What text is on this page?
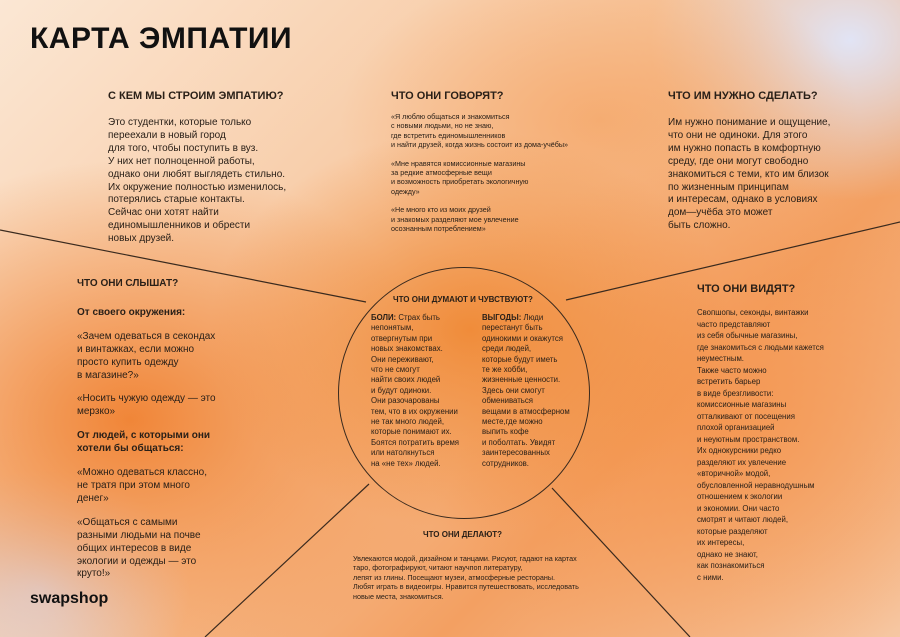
КАРТА ЭМПАТИИ

С КЕМ МЫ СТРОИМ ЭМПАТИЮ?

Это студентки, которые только
переехали в новый город
для того, чтобы поступить в вуз.
У них нет полноценной работы,
однако они любят выглядеть стильно.
Их окружение полностью изменилось,
потерялись старые контакты.
Сейчас они хотят найти
единомышленников и обрести
новых друзей.

ЧТО ОНИ ГОВОРЯТ?

«Я люблю общаться и знакомиться
с новыми людьми, но не знаю,
где встретить единомышленников
и найти друзей, когда жизнь состоит из дома-учёбы»

«Мне нравятся комиссионные магазины
за редкие атмосферные вещи
и возможность приобретать экологичную
одежду»

«Не много кто из моих друзей
и знакомых разделяют мое увлечение
осознанным потреблением»

ЧТО ИМ НУЖНО СДЕЛАТЬ?

Им нужно понимание и ощущение,
что они не одиноки. Для этого
им нужно попасть в комфортную
среду, где они могут свободно
знакомиться с теми, кто им близок
по жизненным принципам
и интересам, однако в условиях
дом—учёба это может
быть сложно.

ЧТО ОНИ СЛЫШАТ?

От своего окружения:

«Зачем одеваться в секондах
и винтажках, если можно
просто купить одежду
в магазине?»

«Носить чужую одежду — это
мерзко»

От людей, с которыми они
хотели бы общаться:

«Можно одеваться классно,
не тратя при этом много
денег»

«Общаться с самыми
разными людьми на почве
общих интересов в виде
экологии и одежды — это
круто!»

ЧТО ОНИ ДУМАЮТ И ЧУВСТВУЮТ?

БОЛИ: Страх быть
непонятым,
отвергнутым при
новых знакомствах.
Они переживают,
что не смогут
найти своих людей
и будут одиноки.
Они разочарованы
тем, что в их окружении
не так много людей,
которые понимают их.
Боятся потратить время
или натолкнуться
на «не тех» людей.

ВЫГОДЫ: Люди
перестанут быть
одинокими и окажутся
среди людей,
которые будут иметь
те же хобби,
жизненные ценности.
Здесь они смогут
обмениваться
вещами в атмосферном
месте,где можно
выпить кофе
и поболтать. Увидят
заинтересованных
сотрудников.

ЧТО ОНИ ВИДЯТ?

Свопшопы, секонды, винтажки
часто представляют
из себя обычные магазины,
где знакомиться с людьми кажется
неуместным.
Также часто можно
встретить барьер
в виде брезгливости:
комиссионные магазины
отталкивают от посещения
плохой организацией
и неуютным пространством.
Их однокурсники редко
разделяют их увлечение
«вторичной» модой,
обусловленной неравнодушным
отношением к экологии
и экономии. Они часто
смотрят и читают людей,
которые разделяют
их интересы,
однако не знают,
как познакомиться
с ними.

ЧТО ОНИ ДЕЛАЮТ?

Увлекаются модой, дизайном и танцами. Рисуют, гадают на картах
таро, фотографируют, читают научпоп литературу,
лепят из глины. Посещают музеи, атмосферные рестораны.
Любят играть в видеоигры. Нравится путешествовать, исследовать
новые места, знакомиться.

swapshop
